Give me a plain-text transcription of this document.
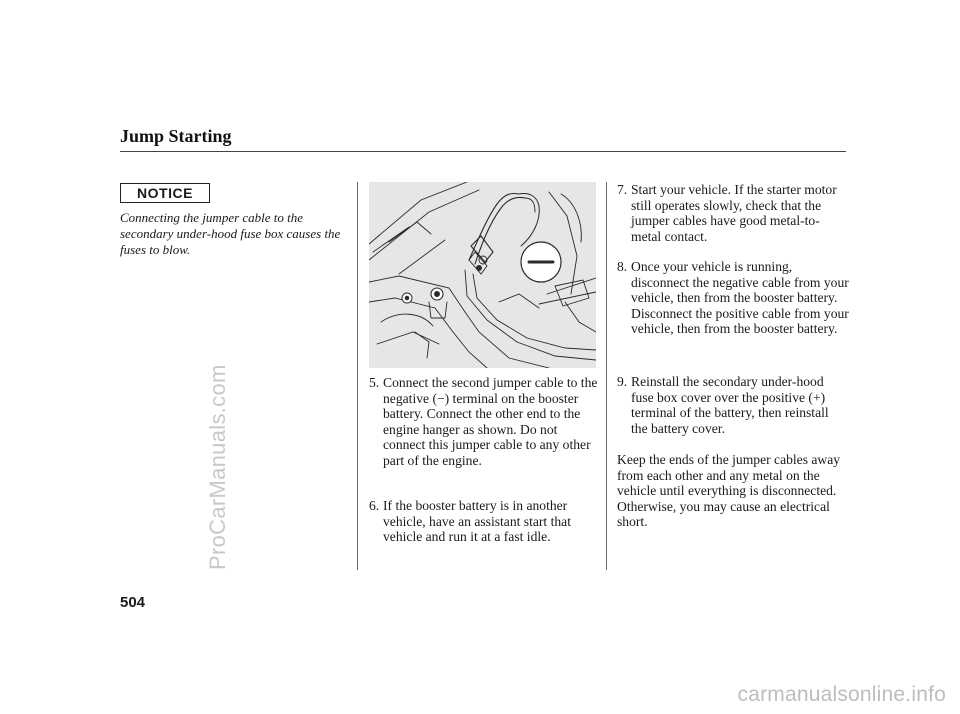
ProCarManuals.com
Jump Starting
NOTICE
Connecting the jumper cable to the secondary under-hood fuse box causes the fuses to blow.
5. Connect the second jumper cable to the negative (−) terminal on the booster battery. Connect the other end to the engine hanger as shown. Do not connect this jumper cable to any other part of the engine.
6. If the booster battery is in another vehicle, have an assistant start that vehicle and run it at a fast idle.
7. Start your vehicle. If the starter motor still operates slowly, check that the jumper cables have good metal-to-metal contact.
8. Once your vehicle is running, disconnect the negative cable from your vehicle, then from the booster battery. Disconnect the positive cable from your vehicle, then from the booster battery.
9. Reinstall the secondary under-hood fuse box cover over the positive (+) terminal of the battery, then reinstall the battery cover.
Keep the ends of the jumper cables away from each other and any metal on the vehicle until everything is disconnected. Otherwise, you may cause an electrical short.
504
carmanualsonline.info
